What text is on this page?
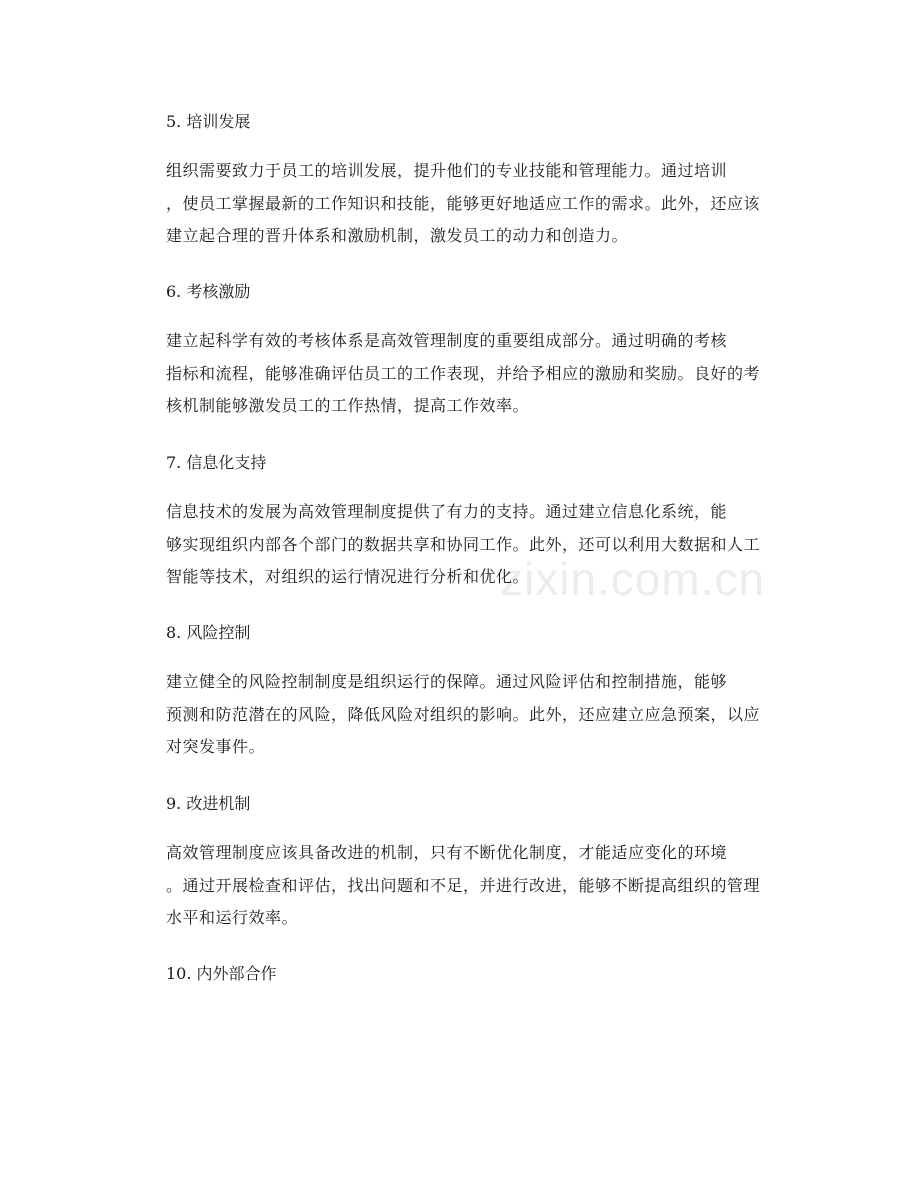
zixin.com.cn
5. 培训发展
组织需要致力于员工的培训发展，提升他们的专业技能和管理能力。通过培训
，使员工掌握最新的工作知识和技能，能够更好地适应工作的需求。此外，还应该
建立起合理的晋升体系和激励机制，激发员工的动力和创造力。
6. 考核激励
建立起科学有效的考核体系是高效管理制度的重要组成部分。通过明确的考核
指标和流程，能够准确评估员工的工作表现，并给予相应的激励和奖励。良好的考
核机制能够激发员工的工作热情，提高工作效率。
7. 信息化支持
信息技术的发展为高效管理制度提供了有力的支持。通过建立信息化系统，能
够实现组织内部各个部门的数据共享和协同工作。此外，还可以利用大数据和人工
智能等技术，对组织的运行情况进行分析和优化。
8. 风险控制
建立健全的风险控制制度是组织运行的保障。通过风险评估和控制措施，能够
预测和防范潜在的风险，降低风险对组织的影响。此外，还应建立应急预案，以应
对突发事件。
9. 改进机制
高效管理制度应该具备改进的机制，只有不断优化制度，才能适应变化的环境
。通过开展检查和评估，找出问题和不足，并进行改进，能够不断提高组织的管理
水平和运行效率。
10. 内外部合作
